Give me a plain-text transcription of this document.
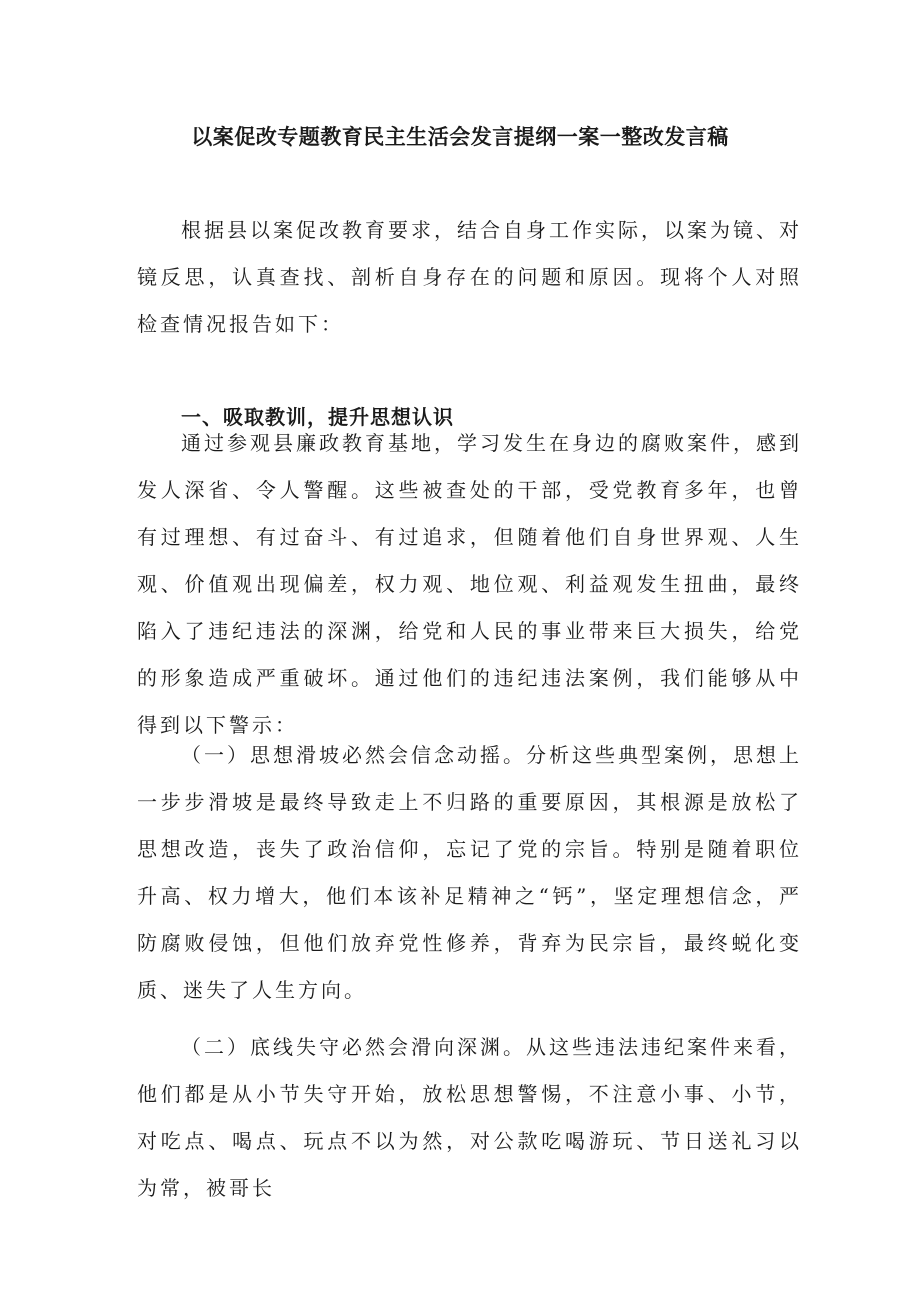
以案促改专题教育民主生活会发言提纲一案一整改发言稿

根据县以案促改教育要求，结合自身工作实际，以案为镜、对镜反思，认真查找、剖析自身存在的问题和原因。现将个人对照检查情况报告如下：

一、吸取教训，提升思想认识

通过参观县廉政教育基地，学习发生在身边的腐败案件，感到发人深省、令人警醒。这些被查处的干部，受党教育多年，也曾有过理想、有过奋斗、有过追求，但随着他们自身世界观、人生观、价值观出现偏差，权力观、地位观、利益观发生扭曲，最终陷入了违纪违法的深渊，给党和人民的事业带来巨大损失，给党的形象造成严重破坏。通过他们的违纪违法案例，我们能够从中得到以下警示：

（一）思想滑坡必然会信念动摇。分析这些典型案例，思想上一步步滑坡是最终导致走上不归路的重要原因，其根源是放松了思想改造，丧失了政治信仰，忘记了党的宗旨。特别是随着职位升高、权力增大，他们本该补足精神之“钙”，坚定理想信念，严防腐败侵蚀，但他们放弃党性修养，背弃为民宗旨，最终蜕化变质、迷失了人生方向。

（二）底线失守必然会滑向深渊。从这些违法违纪案件来看，他们都是从小节失守开始，放松思想警惕，不注意小事、小节，对吃点、喝点、玩点不以为然，对公款吃喝游玩、节日送礼习以为常，被哥长
